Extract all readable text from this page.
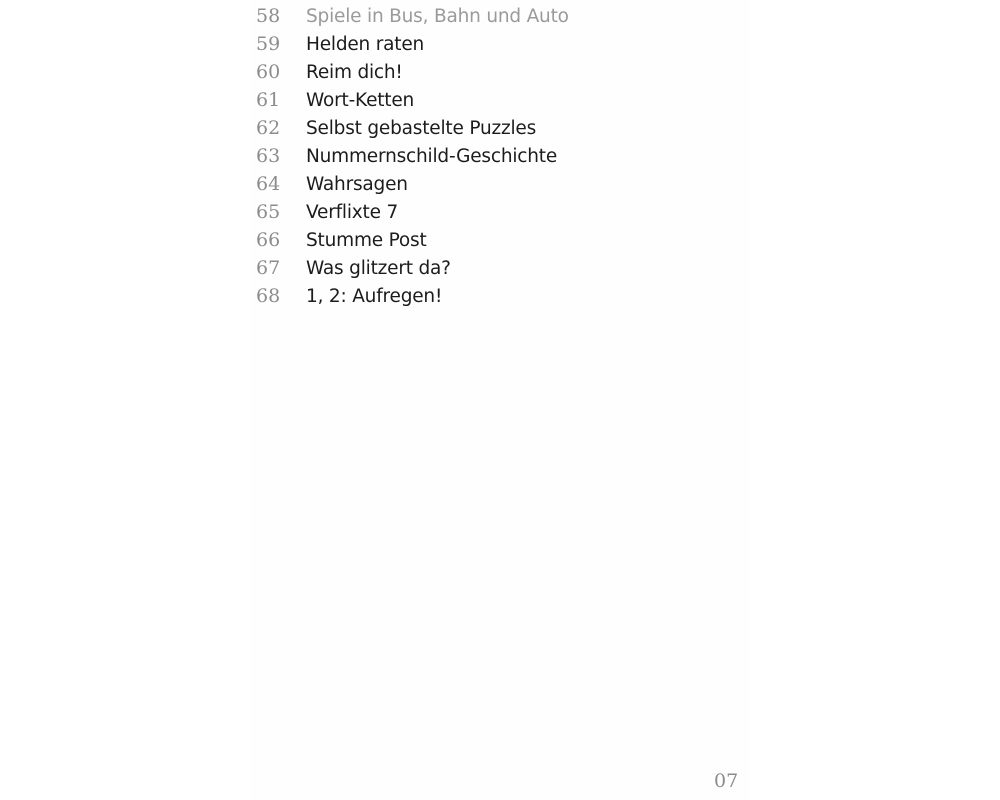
58	Spiele in Bus, Bahn und Auto
59	Helden raten
60	Reim dich!
61	Wort-Ketten
62	Selbst gebastelte Puzzles
63	Nummernschild-Geschichte
64	Wahrsagen
65	Verflixte 7
66	Stumme Post
67	Was glitzert da?
68	1, 2: Aufregen!
07
